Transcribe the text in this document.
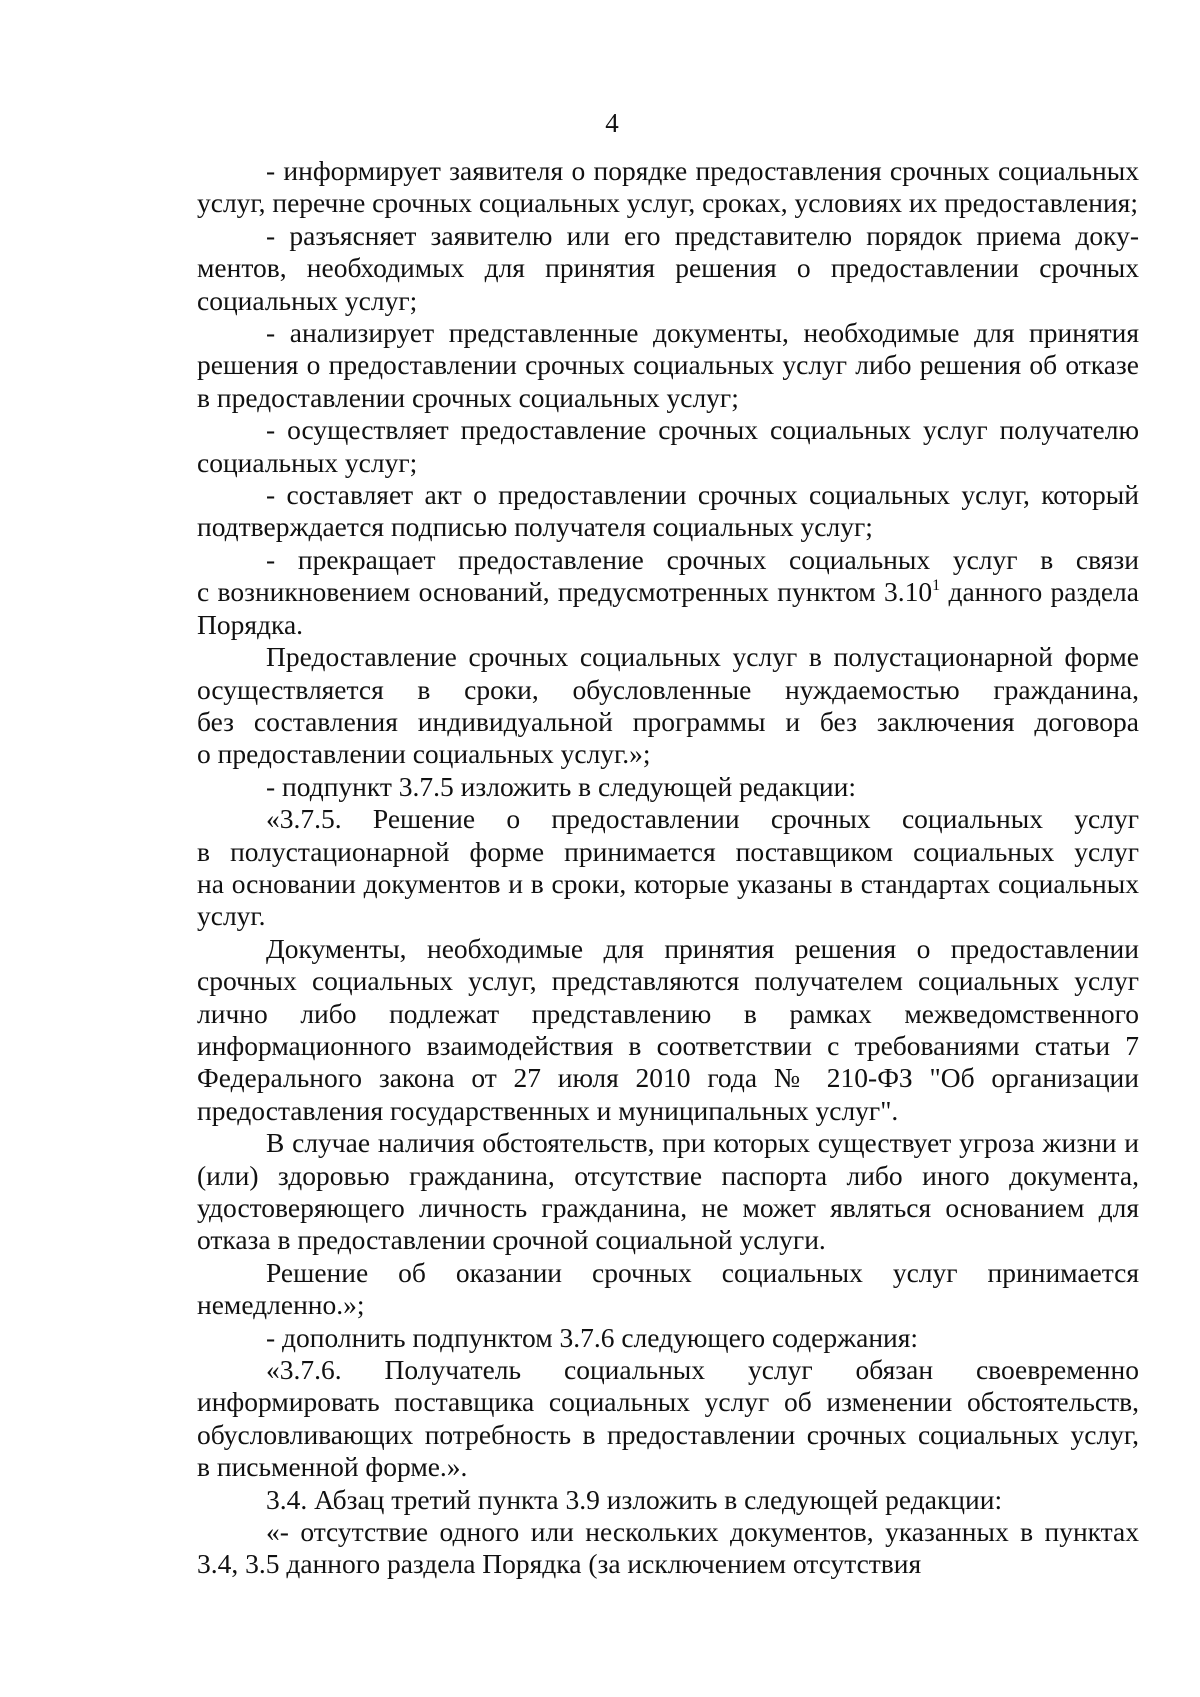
4

- информирует заявителя о порядке предоставления срочных социальных услуг, перечне срочных социальных услуг, сроках, условиях их предоставления;

- разъясняет заявителю или его представителю порядок приема документов, необходимых для принятия решения о предоставлении срочных социальных услуг;

- анализирует представленные документы, необходимые для принятия решения о предоставлении срочных социальных услуг либо решения об отказе в предоставлении срочных социальных услуг;

- осуществляет предоставление срочных социальных услуг получателю социальных услуг;

- составляет акт о предоставлении срочных социальных услуг, который подтверждается подписью получателя социальных услуг;

- прекращает предоставление срочных социальных услуг в связи с возникновением оснований, предусмотренных пунктом 3.10$^1$ данного раздела Порядка.

Предоставление срочных социальных услуг в полустационарной форме осуществляется в сроки, обусловленные нуждаемостью гражданина, без составления индивидуальной программы и без заключения договора о предоставлении социальных услуг.»;

- подпункт 3.7.5 изложить в следующей редакции:

«3.7.5. Решение о предоставлении срочных социальных услуг в полустационарной форме принимается поставщиком социальных услуг на основании документов и в сроки, которые указаны в стандартах социальных услуг.

Документы, необходимые для принятия решения о предоставлении срочных социальных услуг, представляются получателем социальных услуг лично либо подлежат представлению в рамках межведомственного информационного взаимодействия в соответствии с требованиями статьи 7 Федерального закона от 27 июля 2010 года № 210-ФЗ "Об организации предоставления государственных и муниципальных услуг".

В случае наличия обстоятельств, при которых существует угроза жизни и (или) здоровью гражданина, отсутствие паспорта либо иного документа, удостоверяющего личность гражданина, не может являться основанием для отказа в предоставлении срочной социальной услуги.

Решение об оказании срочных социальных услуг принимается немедленно.»;

- дополнить подпунктом 3.7.6 следующего содержания:

«3.7.6. Получатель социальных услуг обязан своевременно информировать поставщика социальных услуг об изменении обстоятельств, обусловливающих потребность в предоставлении срочных социальных услуг, в письменной форме.».

3.4. Абзац третий пункта 3.9 изложить в следующей редакции:

«- отсутствие одного или нескольких документов, указанных в пунктах 3.4, 3.5 данного раздела Порядка (за исключением отсутствия
